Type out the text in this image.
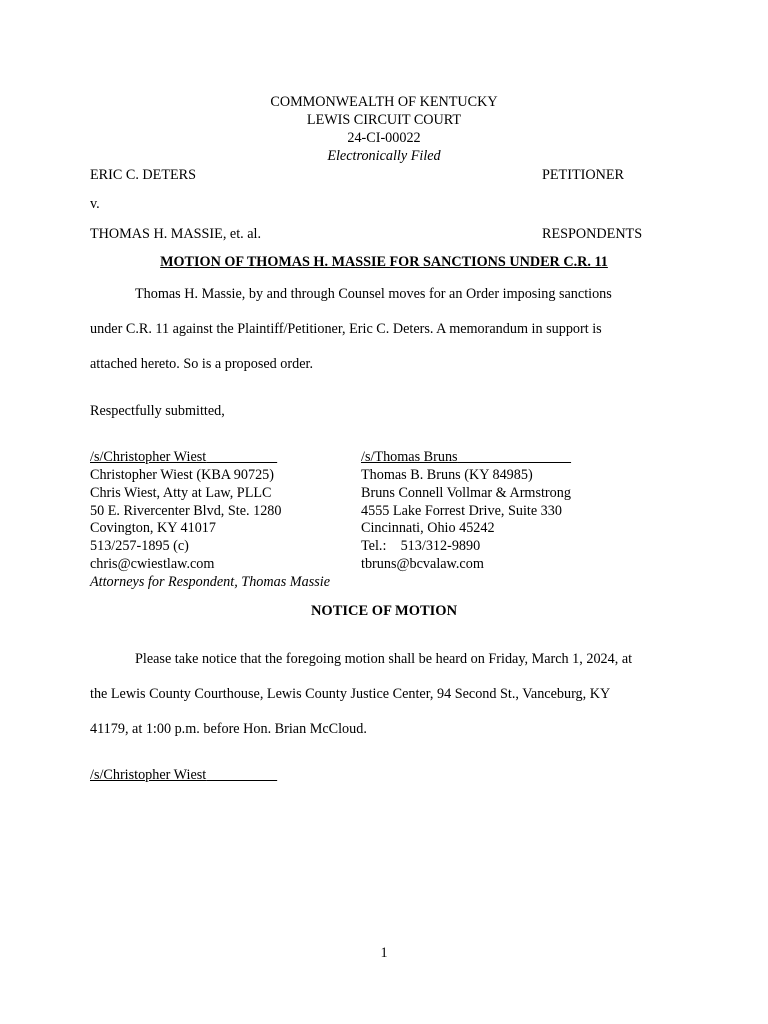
COMMONWEALTH OF KENTUCKY
LEWIS CIRCUIT COURT
24-CI-00022
Electronically Filed
ERIC C. DETERS	PETITIONER
v.
THOMAS H. MASSIE, et. al.	RESPONDENTS
MOTION OF THOMAS H. MASSIE FOR SANCTIONS UNDER C.R. 11
Thomas H. Massie, by and through Counsel moves for an Order imposing sanctions
under C.R. 11 against the Plaintiff/Petitioner, Eric C. Deters. A memorandum in support is
attached hereto. So is a proposed order.
Respectfully submitted,
/s/Christopher Wiest
Christopher Wiest (KBA 90725)
Chris Wiest, Atty at Law, PLLC
50 E. Rivercenter Blvd, Ste. 1280
Covington, KY 41017
513/257-1895 (c)
chris@cwiestlaw.com
Attorneys for Respondent, Thomas Massie
/s/Thomas Bruns
Thomas B. Bruns (KY 84985)
Bruns Connell Vollmar & Armstrong
4555 Lake Forrest Drive, Suite 330
Cincinnati, Ohio 45242
Tel.:    513/312-9890
tbruns@bcvalaw.com
NOTICE OF MOTION
Please take notice that the foregoing motion shall be heard on Friday, March 1, 2024, at
the Lewis County Courthouse, Lewis County Justice Center, 94 Second St., Vanceburg, KY
41179, at 1:00 p.m. before Hon. Brian McCloud.
/s/Christopher Wiest
1
